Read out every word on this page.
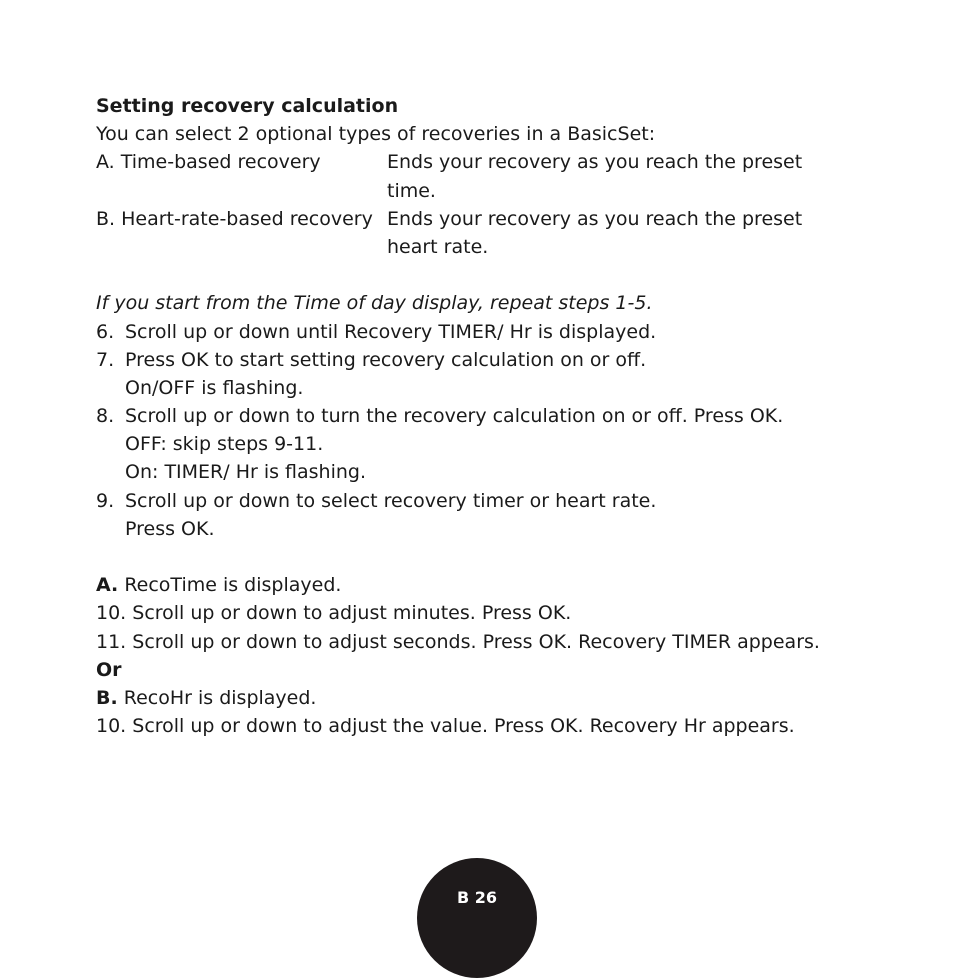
Setting recovery calculation
You can select 2 optional types of recoveries in a BasicSet:
A. Time-based recovery	Ends your recovery as you reach the preset
time.
B. Heart-rate-based recovery Ends your recovery as you reach the preset
heart rate.
If you start from the Time of day display, repeat steps 1-5.
6. Scroll up or down until Recovery TIMER/ Hr is displayed.
7. Press OK to start setting recovery calculation on or off.
On/OFF is flashing.
8. Scroll up or down to turn the recovery calculation on or off. Press OK.
OFF: skip steps 9-11.
On: TIMER/ Hr is flashing.
9. Scroll up or down to select recovery timer or heart rate.
Press OK.
A. RecoTime is displayed.
10. Scroll up or down to adjust minutes. Press OK.
11. Scroll up or down to adjust seconds. Press OK. Recovery TIMER appears.
Or
B. RecoHr is displayed.
10. Scroll up or down to adjust the value. Press OK. Recovery Hr appears.
B 26
